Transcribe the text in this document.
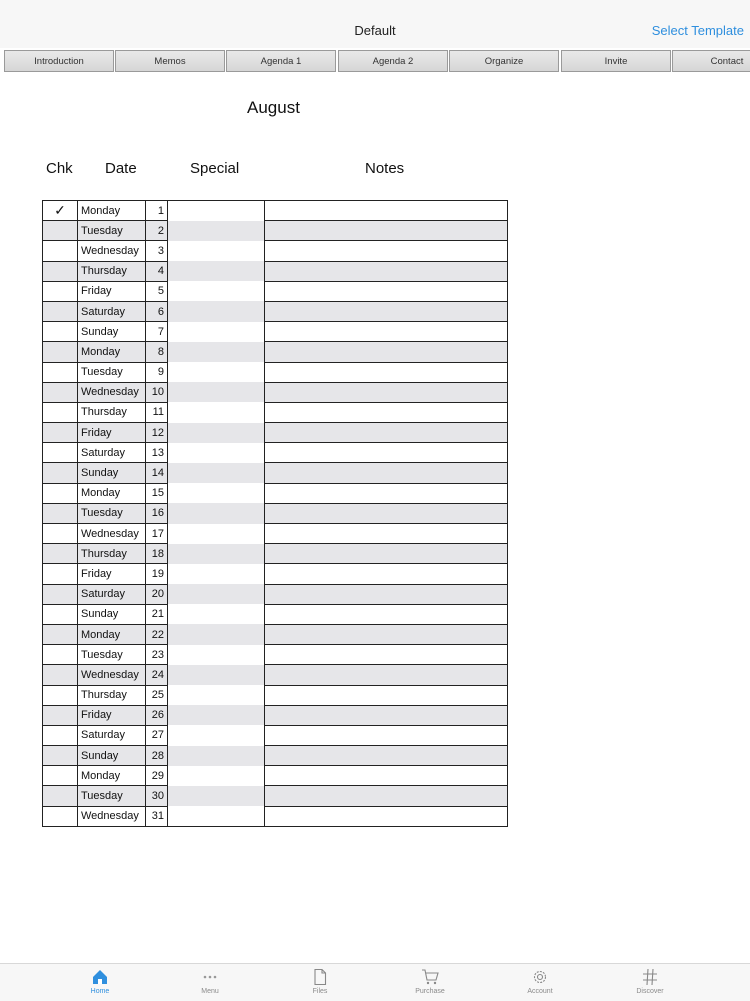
Default	Select Template
Introduction	Memos	Agenda 1	Agenda 2	Organize	Invite	Contact
August
Chk Date	Special	Notes
✓	Monday	1		
	Tuesday	2		
	Wednesday	3		
	Thursday	4		
	Friday	5		
	Saturday	6		
	Sunday	7		
	Monday	8		
	Tuesday	9		
	Wednesday	10		
	Thursday	11		
	Friday	12		
	Saturday	13		
	Sunday	14		
	Monday	15		
	Tuesday	16		
	Wednesday	17		
	Thursday	18		
	Friday	19		
	Saturday	20		
	Sunday	21		
	Monday	22		
	Tuesday	23		
	Wednesday	24		
	Thursday	25		
	Friday	26		
	Saturday	27		
	Sunday	28		
	Monday	29		
	Tuesday	30		
	Wednesday	31		
Home	Menu	Files	Purchase	Account	Discover
